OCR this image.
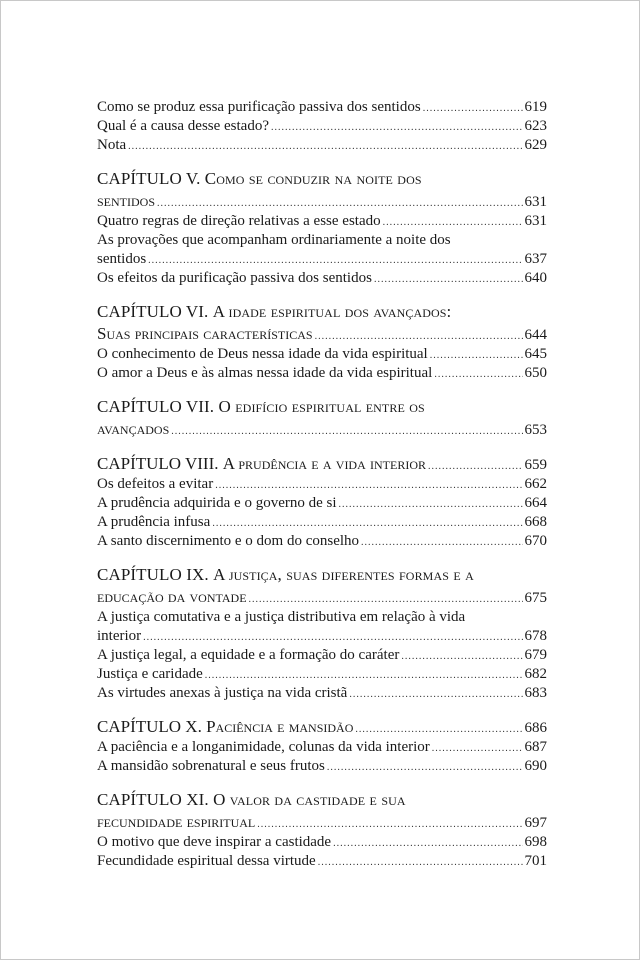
Como se produz essa purificação passiva dos sentidos .....	619
Qual é a causa desse estado? .....	623
Nota .....	629
CAPÍTULO V. Como se conduzir na noite dos
sentidos .....	631
Quatro regras de direção relativas a esse estado .....	631
As provações que acompanham ordinariamente a noite dos
sentidos .....	637
Os efeitos da purificação passiva dos sentidos .....	640
CAPÍTULO VI. A idade espiritual dos avançados:
Suas principais características .....	644
O conhecimento de Deus nessa idade da vida espiritual .....	645
O amor a Deus e às almas nessa idade da vida espiritual .....	650
CAPÍTULO VII. O edifício espiritual entre os
avançados .....	653
CAPÍTULO VIII. A prudência e a vida interior .....	659
Os defeitos a evitar .....	662
A prudência adquirida e o governo de si .....	664
A prudência infusa .....	668
A santo discernimento e o dom do conselho .....	670
CAPÍTULO IX. A justiça, suas diferentes formas e a
educação da vontade .....	675
A justiça comutativa e a justiça distributiva em relação à vida
interior .....	678
A justiça legal, a equidade e a formação do caráter .....	679
Justiça e caridade .....	682
As virtudes anexas à justiça na vida cristã .....	683
CAPÍTULO X. Paciência e mansidão .....	686
A paciência e a longanimidade, colunas da vida interior .....	687
A mansidão sobrenatural e seus frutos .....	690
CAPÍTULO XI. O valor da castidade e sua
fecundidade espiritual .....	697
O motivo que deve inspirar a castidade .....	698
Fecundidade espiritual dessa virtude .....	701
